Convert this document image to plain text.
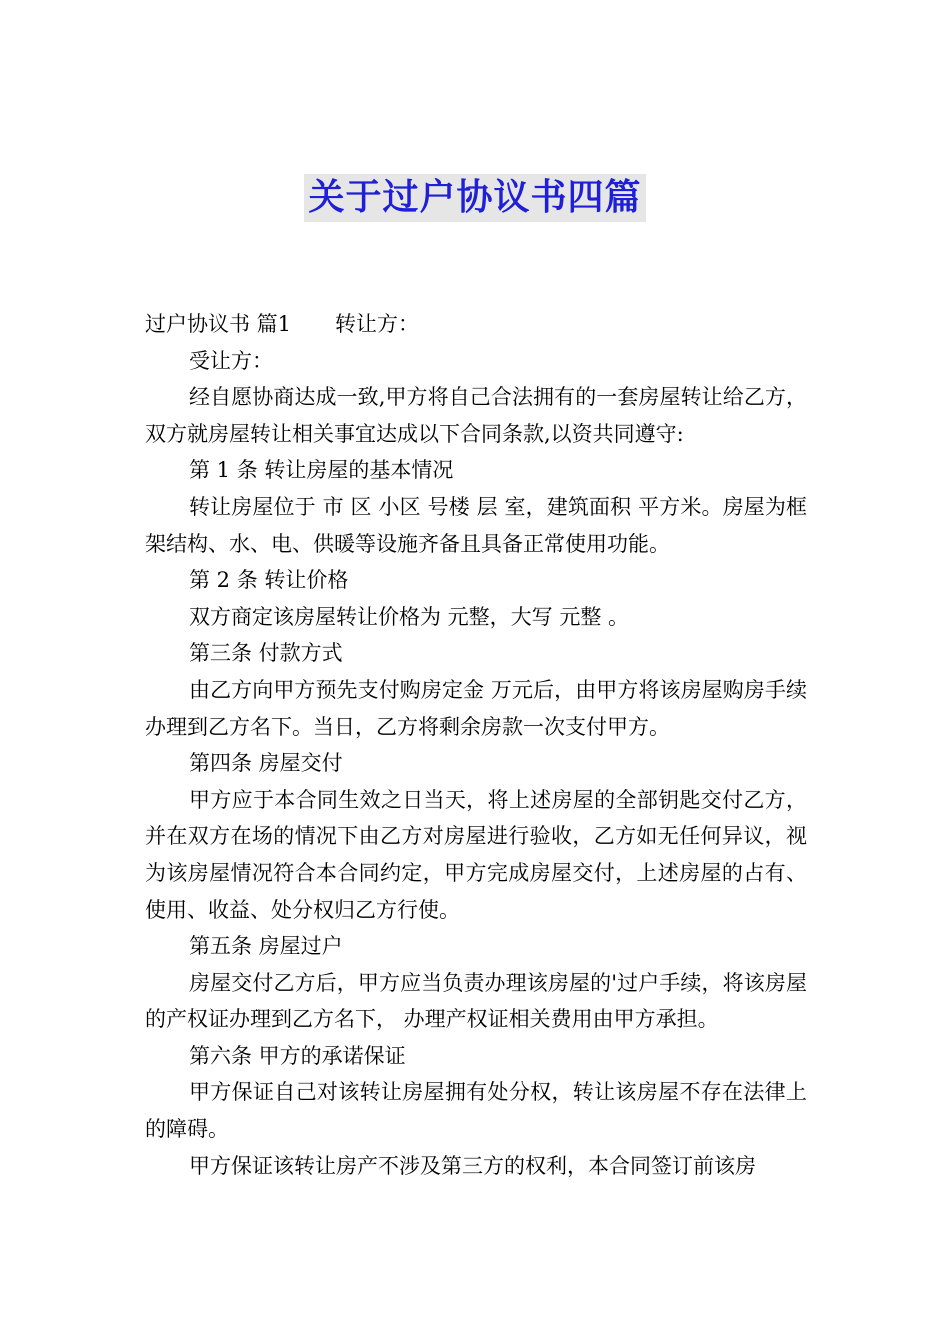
关于过户协议书四篇

过户协议书 篇1 转让方：

受让方：

经自愿协商达成一致,甲方将自己合法拥有的一套房屋转让给乙方，双方就房屋转让相关事宜达成以下合同条款,以资共同遵守:

第 1 条 转让房屋的基本情况

转让房屋位于 市 区 小区 号楼 层 室，建筑面积 平方米。房屋为框架结构、水、电、供暖等设施齐备且具备正常使用功能。

第 2 条 转让价格

双方商定该房屋转让价格为 元整，大写 元整 。

第三条 付款方式

由乙方向甲方预先支付购房定金 万元后，由甲方将该房屋购房手续办理到乙方名下。当日，乙方将剩余房款一次支付甲方。

第四条 房屋交付

甲方应于本合同生效之日当天，将上述房屋的全部钥匙交付乙方，并在双方在场的情况下由乙方对房屋进行验收，乙方如无任何异议，视为该房屋情况符合本合同约定，甲方完成房屋交付，上述房屋的占有、使用、收益、处分权归乙方行使。

第五条 房屋过户

房屋交付乙方后，甲方应当负责办理该房屋的'过户手续，将该房屋的产权证办理到乙方名下， 办理产权证相关费用由甲方承担。

第六条 甲方的承诺保证

甲方保证自己对该转让房屋拥有处分权，转让该房屋不存在法律上的障碍。

甲方保证该转让房产不涉及第三方的权利，本合同签订前该房
